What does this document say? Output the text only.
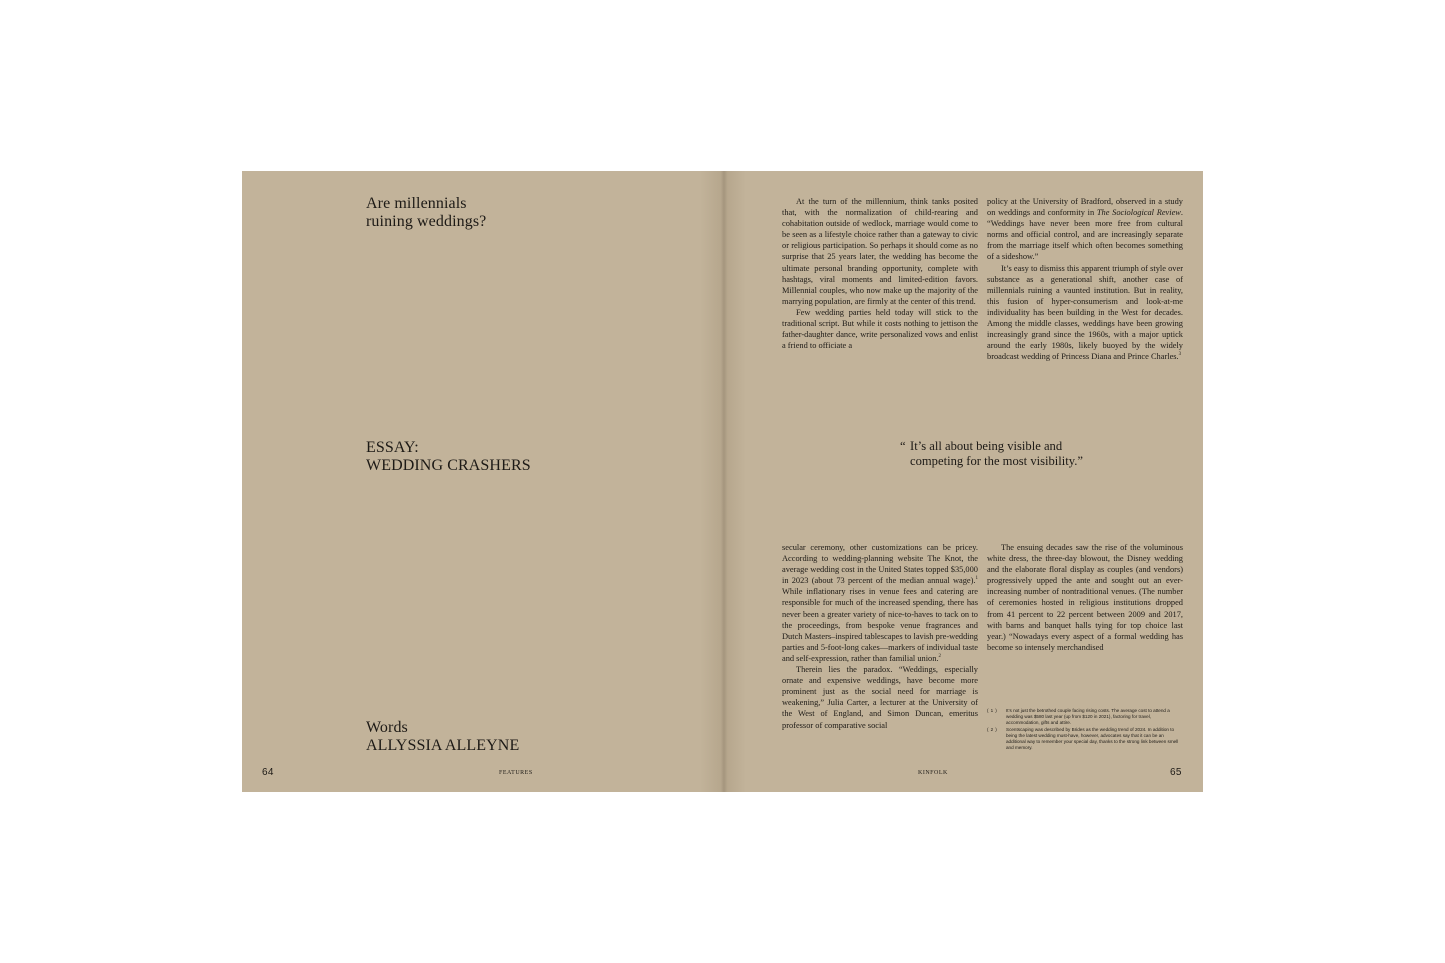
Are millennials
ruining weddings?
ESSAY:
WEDDING CRASHERS
Words
ALLYSSIA ALLEYNE
64	FEATURES

At the turn of the millennium, think tanks posited that, with the normalization of child-rearing and cohabitation outside of wedlock, marriage would come to be seen as a lifestyle choice rather than a gateway to civic or religious participation. So perhaps it should come as no surprise that 25 years later, the wedding has become the ultimate personal branding opportunity, complete with hashtags, viral moments and limited-edition favors. Millennial couples, who now make up the majority of the marrying population, are firmly at the center of this trend.

Few wedding parties held today will stick to the traditional script. But while it costs nothing to jettison the father-daughter dance, write personalized vows and enlist a friend to officiate a

policy at the University of Bradford, observed in a study on weddings and conformity in The Sociological Review. “Weddings have never been more free from cultural norms and official control, and are increasingly separate from the marriage itself which often becomes something of a sideshow.”

It’s easy to dismiss this apparent triumph of style over substance as a generational shift, another case of millennials ruining a vaunted institution. But in reality, this fusion of hyper-consumerism and look-at-me individuality has been building in the West for decades. Among the middle classes, weddings have been growing increasingly grand since the 1960s, with a major uptick around the early 1980s, likely buoyed by the widely broadcast wedding of Princess Diana and Prince Charles.$^3$

“ It’s all about being visible and
competing for the most visibility.”

secular ceremony, other customizations can be pricey. According to wedding-planning website The Knot, the average wedding cost in the United States topped $35,000 in 2023 (about 73 percent of the median annual wage).$^1$ While inflationary rises in venue fees and catering are responsible for much of the increased spending, there has never been a greater variety of nice-to-haves to tack on to the proceedings, from bespoke venue fragrances and Dutch Masters–inspired tablescapes to lavish pre-wedding parties and 5-foot-long cakes—markers of individual taste and self-expression, rather than familial union.$^2$

Therein lies the paradox. “Weddings, especially ornate and expensive weddings, have become more prominent just as the social need for marriage is weakening,” Julia Carter, a lecturer at the University of the West of England, and Simon Duncan, emeritus professor of comparative social

The ensuing decades saw the rise of the voluminous white dress, the three-day blowout, the Disney wedding and the elaborate floral display as couples (and vendors) progressively upped the ante and sought out an ever-increasing number of nontraditional venues. (The number of ceremonies hosted in religious institutions dropped from 41 percent to 22 percent between 2009 and 2017, with barns and banquet halls tying for top choice last year.) “Nowadays every aspect of a formal wedding has become so intensely merchandised

( 1 ) It’s not just the betrothed couple facing rising costs. The average cost to attend a wedding was $580 last year (up from $120 in 2021), factoring for travel, accommodation, gifts and attire.
( 2 ) Scentscaping was described by Brides as the wedding trend of 2024. In addition to being the latest wedding must-have, however, advocates say that it can be an additional way to remember your special day, thanks to the strong link between smell and memory.
KINFOLK	65
